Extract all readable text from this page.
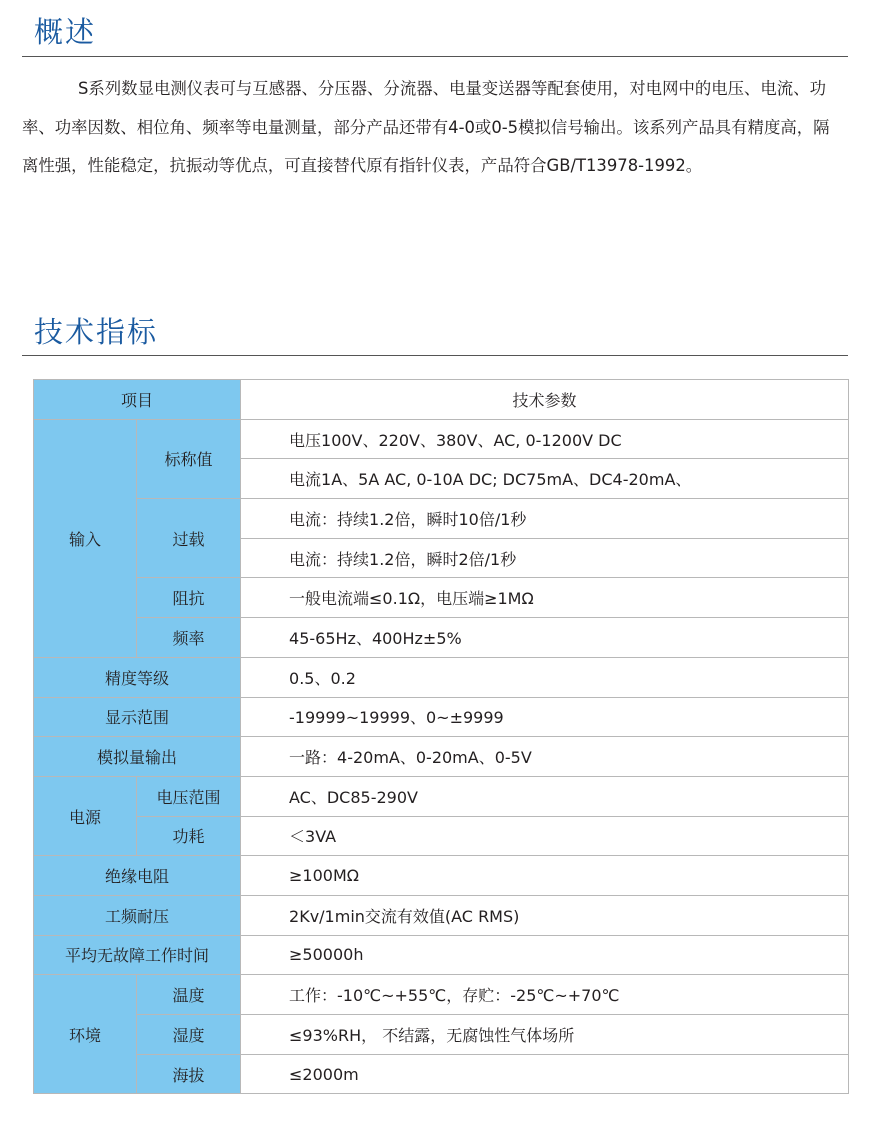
概述

S系列数显电测仪表可与互感器、分压器、分流器、电量变送器等配套使用，对电网中的电压、电流、功率、功率因数、相位角、频率等电量测量，部分产品还带有4-0或0-5模拟信号输出。该系列产品具有精度高，隔离性强，性能稳定，抗振动等优点，可直接替代原有指针仪表，产品符合GB/T13978-1992。

技术指标
项目		技术参数
输入	标称值	电压100V、220V、380V、AC, 0-1200V DC
		电流1A、5A AC, 0-10A DC; DC75mA、DC4-20mA、
	过载	电流：持续1.2倍，瞬时10倍/1秒
		电流：持续1.2倍，瞬时2倍/1秒
	阻抗	一般电流端≤0.1Ω，电压端≥1MΩ
	频率	45-65Hz、400Hz±5%
精度等级		0.5、0.2
显示范围		-19999~19999、0~±9999
模拟量输出		一路：4-20mA、0-20mA、0-5V
电源	电压范围	AC、DC85-290V
	功耗	＜3VA
绝缘电阻		≥100MΩ
工频耐压		2Kv/1min交流有效值(AC RMS)
平均无故障工作时间		≥50000h
环境	温度	工作：-10℃~+55℃，存贮：-25℃~+70℃
	湿度	≤93%RH， 不结露，无腐蚀性气体场所
	海拔	≤2000m
